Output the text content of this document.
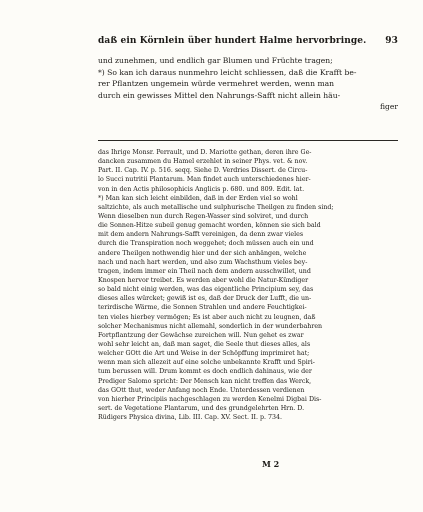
daß ein Körnlein über hundert Halme hervorbringe. 93
und zunehmen, und endlich gar Blumen und Früchte tragen;
*) So kan ich daraus nunmehro leicht schliessen, daß die Krafft be-
rer Pflantzen ungemein würde vermehret werden, wenn man
durch ein gewisses Mittel den Nahrungs-Safft nicht allein häu-
figer
das Ihrige Monsr. Perrault, und D. Mariotte gethan, deren ihre Ge-
dancken zusammen du Hamel erzehlet in seiner Phys. vet. & nov.
Part. II. Cap. IV. p. 516. seqq. Siehe D. Verdries Dissert. de Circu-
lo Succi nutritii Plantarum. Man findet auch unterschiedenes hier-
von in den Actis philosophicis Anglicis p. 680. und 809. Edit. lat.
*) Man kan sich leicht einbilden, daß in der Erden viel so wohl
saltzichte, als auch metallische und sulphurische Theilgen zu finden sind;
Wenn dieselben nun durch Regen-Wasser sind solviret, und durch
die Sonnen-Hitze subeil genug gemacht worden, können sie sich bald
mit dem andern Nahrungs-Safft vereinigen, da denn zwar vieles
durch die Transpiration noch weggehet; doch müssen auch ein und
andere Theilgen nothwendig hier und der sich anhängen, welche
nach und nach hart werden, und also zum Wachsthum vieles bey-
tragen, indem immer ein Theil nach dem andern ausschwillet, und
Knospen hervor treibet. Es werden aber wohl die Natur-Kündiger
so bald nicht einig werden, was das eigentliche Principium sey, das
dieses alles würcket; gewiß ist es, daß der Druck der Lufft, die un-
terirdische Wärme, die Sonnen Strahlen und andere Feuchtigkei-
ten vieles hierbey vermögen; Es ist aber auch nicht zu leugnen, daß
solcher Mechanismus nicht allemahl, sonderlich in der wunderbahren
Fortpflantzung der Gewächse zureichen will. Nun gehet es zwar
wohl sehr leicht an, daß man saget, die Seele thut dieses alles, als
welcher GOtt die Art und Weise in der Schöpffung imprimiret hat;
wenn man sich allezeit auf eine solche unbekannte Krafft und Spiri-
tum berussen will. Drum kommt es doch endlich dahinaus, wie der
Prediger Salomo spricht: Der Mensch kan nicht treffen das Werck,
das GOtt thut, weder Anfang noch Ende. Unterdessen verdienen
von hierher Principiis nachgeschlagen zu werden Kenelmi Digbai Dis-
sert. de Vegetatione Plantarum, und des grundgelehrten Hrn. D.
Rüdigers Physica divina, Lib. III. Cap. XV. Sect. II. p. 734.
M 2
